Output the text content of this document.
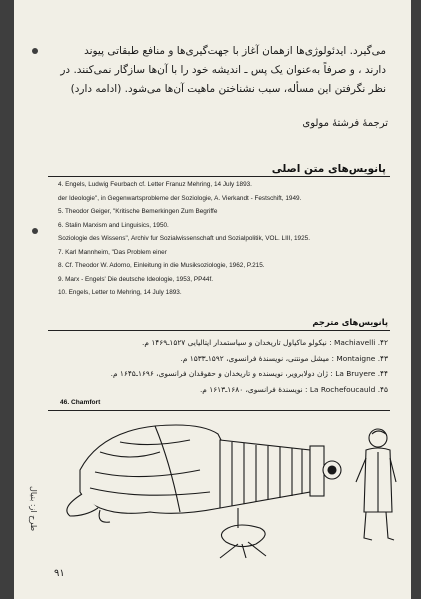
می‌گیرد. ایدئولوژی‌ها ازهمان آغاز با جهت‌گیری‌ها و منافع طبقاتی پیوند
دارند ، و صرفاً به‌عنوان یک پس ـ اندیشه خود را با آن‌ها سازگار نمی‌کنند. در
نظر نگرفتن این مسأله، سبب نشناختن ماهیت آن‌ها می‌شود. (ادامه دارد)
ترجمهٔ فرشتهٔ مولوی
پانویس‌های متن اصلی
4. Engels, Ludwig Feurbach cf. Letter Franuz Mehring, 14 July 1893.
der Ideologie", in Gegenwartsprobleme der Soziologie, A. Vierkandt - Festschift, 1949.
5. Theodor Geiger, "Kritische Bemerkingen Zum Begriffe
6. Stalin Marxism and Linguisics, 1950.
Soziologie des Wissens", Archiv fur Sozialwissenschaft und Sozialpolitik, VOL. LIII, 1925.
7. Karl Mannheim, "Das Problem einer
8. Cf. Theodor W. Adorno, Einleitung in die Musiksoziologie, 1962, P.215.
9. Marx - Engels' Die deutsche Ideologie, 1953, PP44f.
10. Engels, Letter to Mehring, 14 July 1893.
پانویس‌های مترجم
۴۲. Machiavelli : نیکولو ماکیاول تاریخدان و سیاستمدار ایتالیایی ۱۵۲۷ـ۱۴۶۹ م.
۴۳. Montaigne : میشل مونتنی، نویسندهٔ فرانسوی، ۱۵۹۲ـ۱۵۳۳ م.
۴۴. La Bruyere : ژان دولابرویر، نویسنده و تاریخدان و حقوقدان فرانسوی، ۱۶۹۶ـ۱۶۴۵ م.
۴۵. La Rochefoucauld : نویسندهٔ فرانسوی، ۱۶۸۰ـ۱۶۱۳ م.
46. Chamfort
طرح از: بنیال
۹۱
